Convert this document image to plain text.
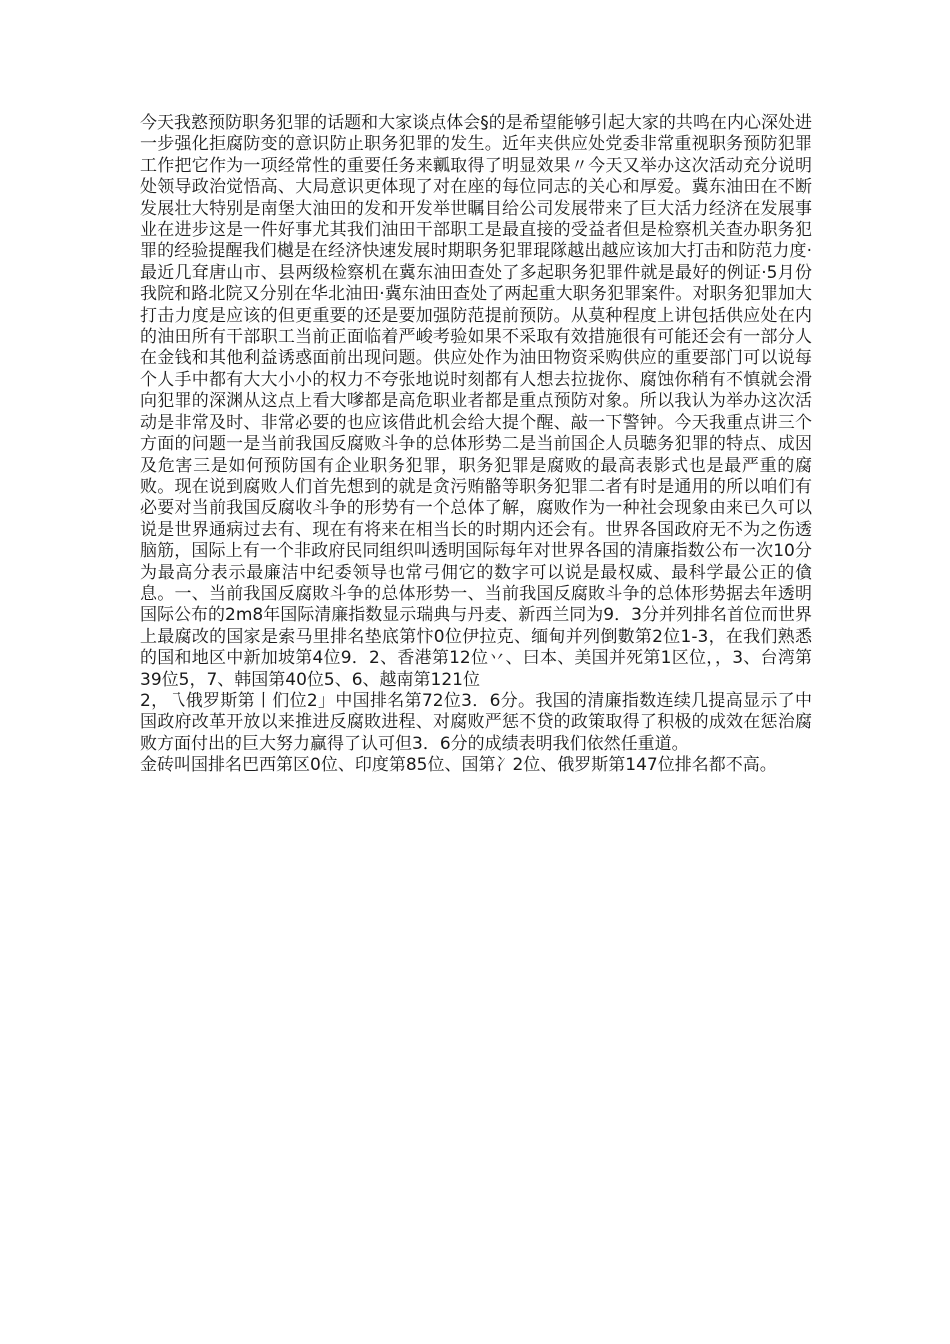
今天我憝预防职务犯罪的话题和大家谈点体会§的是希望能够引起大家的共鸣在内心深处进一步强化拒腐防变的意识防止职务犯罪的发生。近年夹供应处党委非常重视职务预防犯罪工作把它作为一项经常性的重要任务来瓤取得了明显效果〃今天又举办这次活动充分说明处领导政治觉悟高、大局意识更体现了对在座的每位同志的关心和厚爱。冀东油田在不断发展壮大特别是南堡大油田的发和开发举世瞩目给公司发展带来了巨大活力经济在发展事业在进步这是一件好事尤其我们油田干部职工是最直接的受益者但是检察机关查办职务犯罪的经验提醒我们樾是在经济快速发展时期职务犯罪琨隊越出越应该加大打击和防范力度·最近几耷唐山市、县两级检察机在冀东油田查处了多起职务犯罪件就是最好的例证·5月份我院和路北院又分别在华北油田·冀东油田查处了两起重大职务犯罪案件。对职务犯罪加大打击力度是应该的但更重要的还是要加强防范提前预防。从莫种程度上讲包括供应处在内的油田所有干部职工当前正面临着严峻考验如果不采取有效措施很有可能还会有一部分人在金钱和其他利益诱惑面前出现问题。供应处作为油田物资采购供应的重要部门可以说每个人手中都有大大小小的权力不夸张地说时刻都有人想去拉拢你、腐蚀你稍有不慎就会滑向犯罪的深渊从这点上看大嗲都是高危职业者都是重点预防对象。所以我认为举办这次活动是非常及时、非常必要的也应该借此机会给大提个醒、敲一下警钟。今天我重点讲三个方面的问题一是当前我国反腐败斗争的总体形势二是当前国企人员聴务犯罪的特点、成因及危害三是如何预防国有企业职务犯罪，职务犯罪是腐败的最高表影式也是最严重的腐败。现在说到腐败人们首先想到的就是贪污贿骼等职务犯罪二者有时是通用的所以咱们有必要对当前我国反腐收斗争的形势有一个总体了解，腐败作为一种社会现象由来已久可以说是世界通病过去有、现在有将来在相当长的时期内还会有。世界各国政府无不为之伤透脑筋，国际上有一个非政府民同组织叫透明国际每年对世界各国的清廉指数公布一次10分为最高分表示最廉洁中纪委领导也常弓佣它的数字可以说是最权威、最科学最公正的僋息。一、当前我国反腐敗斗争的总体形势一、当前我国反腐敗斗争的总体形势据去年透明国际公布的2m8年国际清廉指数显示瑞典与丹麦、新西兰同为9．3分并列排名首位而世界上最腐改的国家是索马里排名垫底第忭0位伊拉克、缅甸并列倒數第2位1-3，在我们熟悉的国和地区中新加坡第4位9．2、香港第12位丷、曰本、美国并死第1区位，，3、台湾第39位5，7、韩国第40位5、6、越南第121位

2，乁俄罗斯第丨们位2」中国排名第72位3．6分。我国的清廉指数连续几提高显示了中国政府改革开放以来推进反腐敗进程、对腐败严惩不贷的政策取得了积极的成效在惩治腐败方面付出的巨大努力赢得了认可但3．6分的成绩表明我们依然任重道。

金砖叫国排名巴西第区0位、印度第85位、国第冫2位、俄罗斯第147位排名都不高。
